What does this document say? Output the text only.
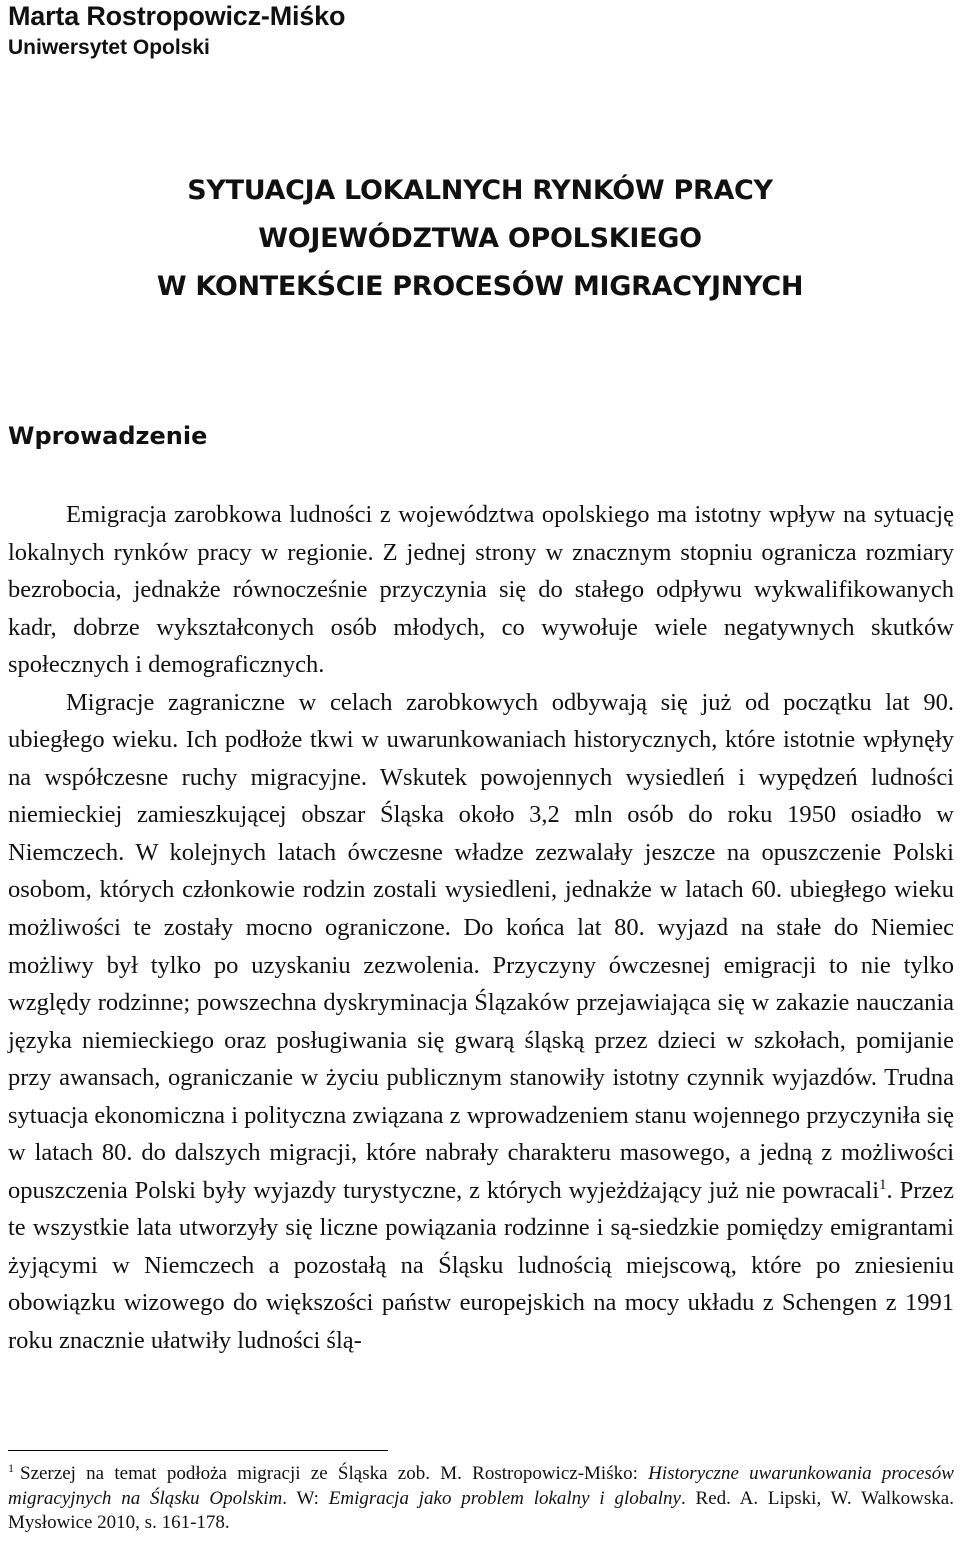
Marta Rostropowicz-Miśko
Uniwersytet Opolski
SYTUACJA LOKALNYCH RYNKÓW PRACY
WOJEWÓDZTWA OPOLSKIEGO
W KONTEKŚCIE PROCESÓW MIGRACYJNYCH
Wprowadzenie

Emigracja zarobkowa ludności z województwa opolskiego ma istotny wpływ na sytuację lokalnych rynków pracy w regionie. Z jednej strony w znacznym stopniu ogranicza rozmiary bezrobocia, jednakże równocześnie przyczynia się do stałego odpływu wykwalifikowanych kadr, dobrze wykształconych osób młodych, co wywołuje wiele negatywnych skutków społecznych i demograficznych.

Migracje zagraniczne w celach zarobkowych odbywają się już od początku lat 90. ubiegłego wieku. Ich podłoże tkwi w uwarunkowaniach historycznych, które istotnie wpłynęły na współczesne ruchy migracyjne. Wskutek powojennych wysiedleń i wypędzeń ludności niemieckiej zamieszkującej obszar Śląska około 3,2 mln osób do roku 1950 osiadło w Niemczech. W kolejnych latach ówczesne władze zezwalały jeszcze na opuszczenie Polski osobom, których członkowie rodzin zostali wysiedleni, jednakże w latach 60. ubiegłego wieku możliwości te zostały mocno ograniczone. Do końca lat 80. wyjazd na stałe do Niemiec możliwy był tylko po uzyskaniu zezwolenia. Przyczyny ówczesnej emigracji to nie tylko względy rodzinne; powszechna dyskryminacja Ślązaków przejawiająca się w zakazie nauczania języka niemieckiego oraz posługiwania się gwarą śląską przez dzieci w szkołach, pomijanie przy awansach, ograniczanie w życiu publicznym stanowiły istotny czynnik wyjazdów. Trudna sytuacja ekonomiczna i polityczna związana z wprowadzeniem stanu wojennego przyczyniła się w latach 80. do dalszych migracji, które nabrały charakteru masowego, a jedną z możliwości opuszczenia Polski były wyjazdy turystyczne, z których wyjeżdżający już nie powracali$^1$. Przez te wszystkie lata utworzyły się liczne powiązania rodzinne i są-siedzkie pomiędzy emigrantami żyjącymi w Niemczech a pozostałą na Śląsku ludnością miejscową, które po zniesieniu obowiązku wizowego do większości państw europejskich na mocy układu z Schengen z 1991 roku znacznie ułatwiły ludności ślą-

$^1$ Szerzej na temat podłoża migracji ze Śląska zob. M. Rostropowicz-Miśko: Historyczne uwarunkowania procesów migracyjnych na Śląsku Opolskim. W: Emigracja jako problem lokalny i globalny. Red. A. Lipski, W. Walkowska. Mysłowice 2010, s. 161-178.
